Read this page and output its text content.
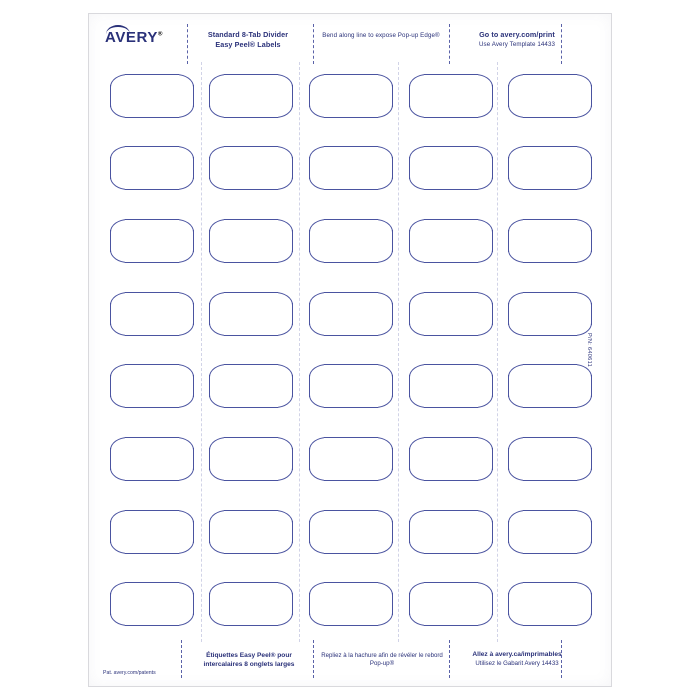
AVERY®	Standard 8-Tab Divider
Easy Peel® Labels
Bend along line to expose Pop-up Edge®	Go to avery.com/print
Use Avery Template 14433
Étiquettes Easy Peel® pour
intercalaires 8 onglets larges
Repliez à la hachure afin de révéler le rebord Pop-up®
Allez à avery.ca/imprimables
Utilisez le Gabarit Avery 14433
Pat. avery.com/patents
P/N: 640611
